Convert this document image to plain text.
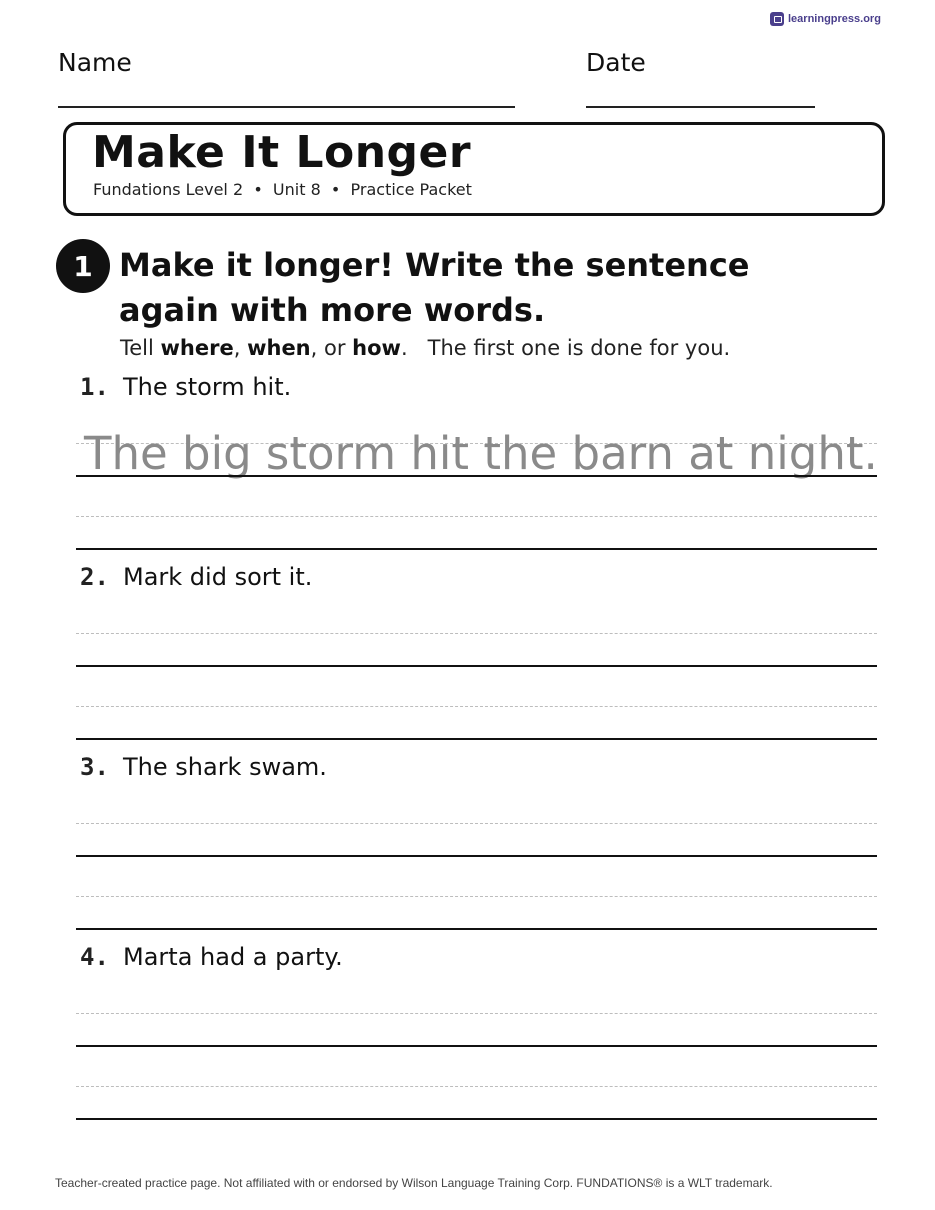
learningpress.org
Name	Date
Make It Longer
Fundations Level 2  •  Unit 8  •  Practice Packet
1 Make it longer! Write the sentence again with more words.
Tell where, when, or how.   The first one is done for you.
1. The storm hit.
The big storm hit the barn at night.
2. Mark did sort it.
3. The shark swam.
4. Marta had a party.
Teacher-created practice page. Not affiliated with or endorsed by Wilson Language Training Corp. FUNDATIONS® is a WLT trademark.
